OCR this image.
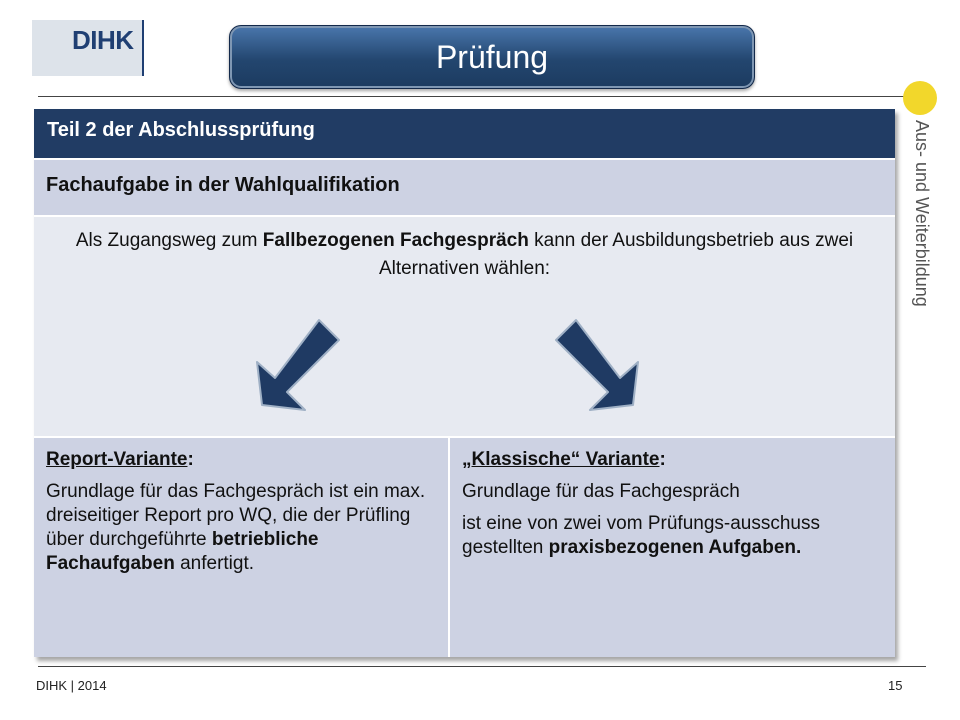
DIHK	Prüfung
Aus- und Weiterbildung
Teil 2 der Abschlussprüfung
Fachaufgabe in der Wahlqualifikation
Als Zugangsweg zum Fallbezogenen Fachgespräch kann der Ausbildungsbetrieb aus zwei Alternativen wählen:
Report-Variante:
Grundlage für das Fachgespräch ist ein max. dreiseitiger Report pro WQ, die der Prüfling über durchgeführte betriebliche Fachaufgaben anfertigt.
„Klassische“ Variante:
Grundlage für das Fachgespräch
ist eine von zwei vom Prüfungs-ausschuss gestellten praxisbezogenen Aufgaben.
DIHK | 2014	15
